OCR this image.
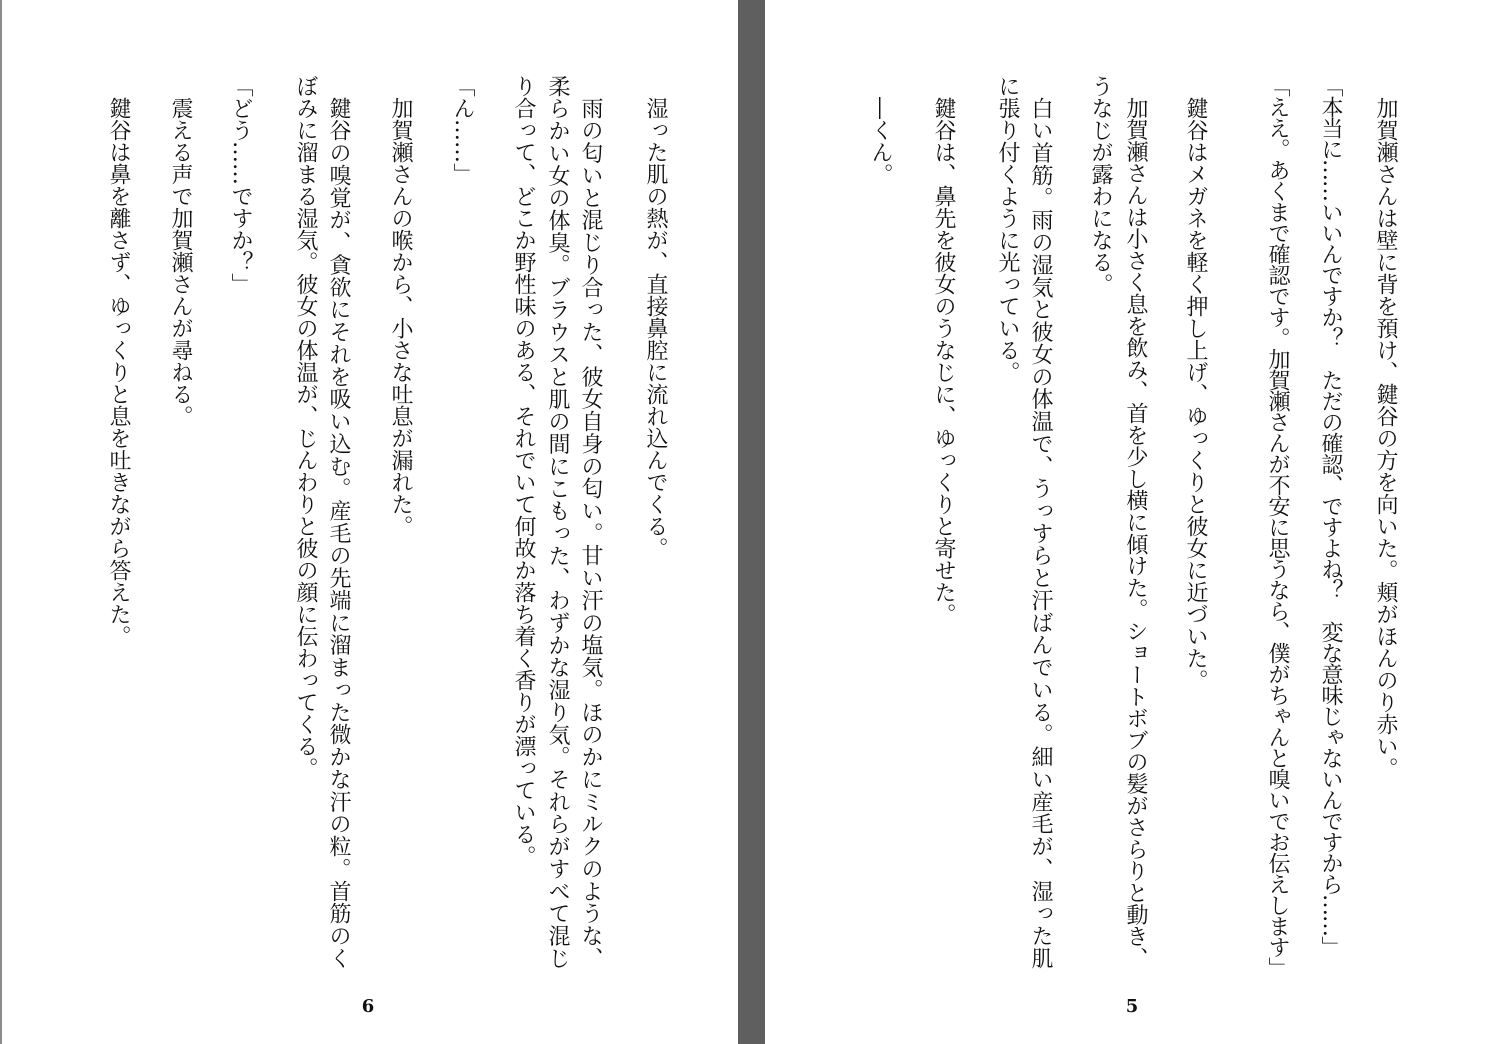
湿った肌の熱が、直接鼻腔に流れ込んでくる。
雨の匂いと混じり合った、彼女自身の匂い。甘い汗の塩気。ほのかにミルクのような、
柔らかい女の体臭。ブラウスと肌の間にこもった、わずかな湿り気。それらがすべて混じ
り合って、どこか野性味のある、それでいて何故か落ち着く香りが漂っている。
「ん……」
加賀瀬さんの喉から、小さな吐息が漏れた。
鍵谷の嗅覚が、貪欲にそれを吸い込む。産毛の先端に溜まった微かな汗の粒。首筋のく
ぼみに溜まる湿気。彼女の体温が、じんわりと彼の顔に伝わってくる。
「どう……ですか？」
震える声で加賀瀬さんが尋ねる。
鍵谷は鼻を離さず、ゆっくりと息を吐きながら答えた。
6
加賀瀬さんは壁に背を預け、鍵谷の方を向いた。頬がほんのり赤い。
「本当に……いいんですか？　ただの確認、ですよね？　変な意味じゃないんですから……」
「ええ。あくまで確認です。加賀瀬さんが不安に思うなら、僕がちゃんと嗅いでお伝えします」
鍵谷はメガネを軽く押し上げ、ゆっくりと彼女に近づいた。
加賀瀬さんは小さく息を飲み、首を少し横に傾けた。ショートボブの髪がさらりと動き、
うなじが露わになる。
白い首筋。雨の湿気と彼女の体温で、うっすらと汗ばんでいる。細い産毛が、湿った肌
に張り付くように光っている。
鍵谷は、鼻先を彼女のうなじに、ゆっくりと寄せた。
―くん。
5
